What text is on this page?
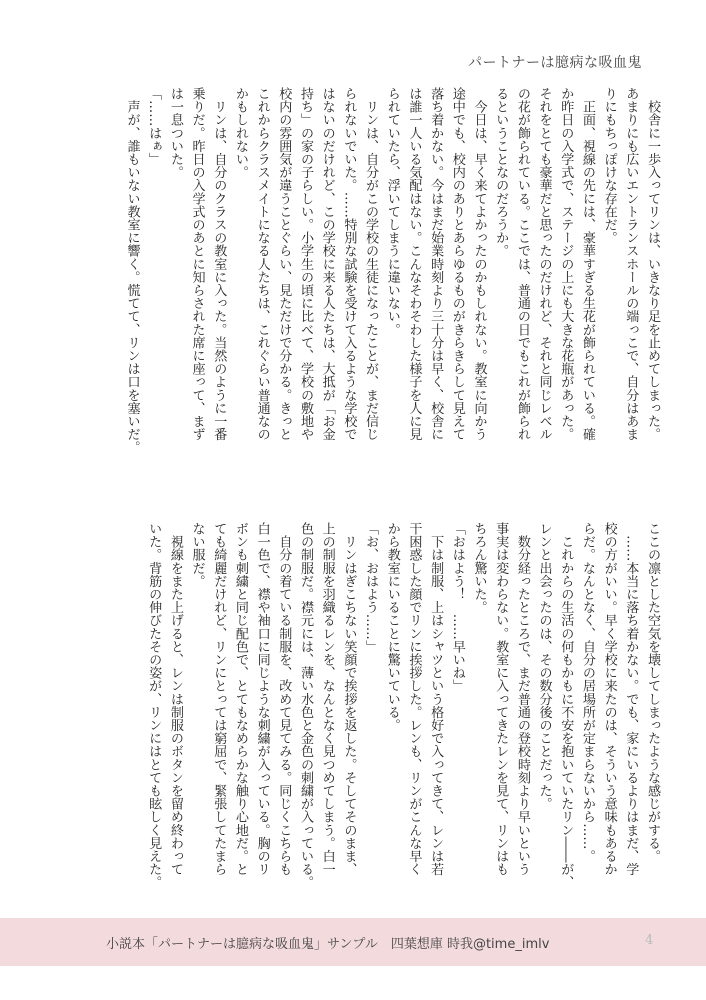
パートナーは臆病な吸血鬼
　校舎に一歩入ってリンは、いきなり足を止めてしまった。
あまりにも広いエントランスホールの端っこで、自分はあま
りにもちっぽけな存在だ。
　正面、視線の先には、豪華すぎる生花が飾られている。確
か昨日の入学式で、ステージの上にも大きな花瓶があった。
それをとても豪華だと思ったのだけれど、それと同じレベル
の花が飾られている。ここでは、普通の日でもこれが飾られ
るということなのだろうか。
　今日は、早く来てよかったのかもしれない。教室に向かう
途中でも、校内のありとあらゆるものがきらきらして見えて
落ち着かない。今はまだ始業時刻より三十分は早く、校舎に
は誰一人いる気配はない。こんなそわそわした様子を人に見
られていたら、浮いてしまうに違いない。
　リンは、自分がこの学校の生徒になったことが、まだ信じ
られないでいた。……特別な試験を受けて入るような学校で
はないのだけれど、この学校に来る人たちは、大抵が「お金
持ち」の家の子らしい。小学生の頃に比べて、学校の敷地や
校内の雰囲気が違うことぐらい、見ただけで分かる。きっと
これからクラスメイトになる人たちは、これぐらい普通なの
かもしれない。
　リンは、自分のクラスの教室に入った。当然のように一番
乗りだ。昨日の入学式のあとに知らされた席に座って、まず
は一息ついた。
「……はぁ」
　声が、誰もいない教室に響く。慌てて、リンは口を塞いだ。
ここの凛とした空気を壊してしまったような感じがする。
　……本当に落ち着かない。でも、家にいるよりはまだ、学
校の方がいい。早く学校に来たのは、そういう意味もあるか
らだ。なんとなく、自分の居場所が定まらないから……。
　これからの生活の何もかもに不安を抱いていたリン――が、
レンと出会ったのは、その数分後のことだった。
　数分経ったところで、まだ普通の登校時刻より早いという
事実は変わらない。教室に入ってきたレンを見て、リンはも
ちろん驚いた。
「おはよう！　……早いね」
　下は制服、上はシャツという格好で入ってきて、レンは若
干困惑した顔でリンに挨拶した。レンも、リンがこんな早く
から教室にいることに驚いている。
「お、おはよう……」
　リンはぎこちない笑顔で挨拶を返した。そしてそのまま、
上の制服を羽織るレンを、なんとなく見つめてしまう。白一
色の制服だ。襟元には、薄い水色と金色の刺繍が入っている。
　自分の着ている制服を、改めて見てみる。同じくこちらも
白一色で、襟や袖口に同じような刺繍が入っている。胸のリ
ボンも刺繍と同じ配色で、とてもなめらかな触り心地だ。と
ても綺麗だけれど、リンにとっては窮屈で、緊張してたまら
ない服だ。
　視線をまた上げると、レンは制服のボタンを留め終わって
いた。背筋の伸びたその姿が、リンにはとても眩しく見えた。
小説本「パートナーは臆病な吸血鬼」サンプル　四葉想庫 時我@time_imlv	4
